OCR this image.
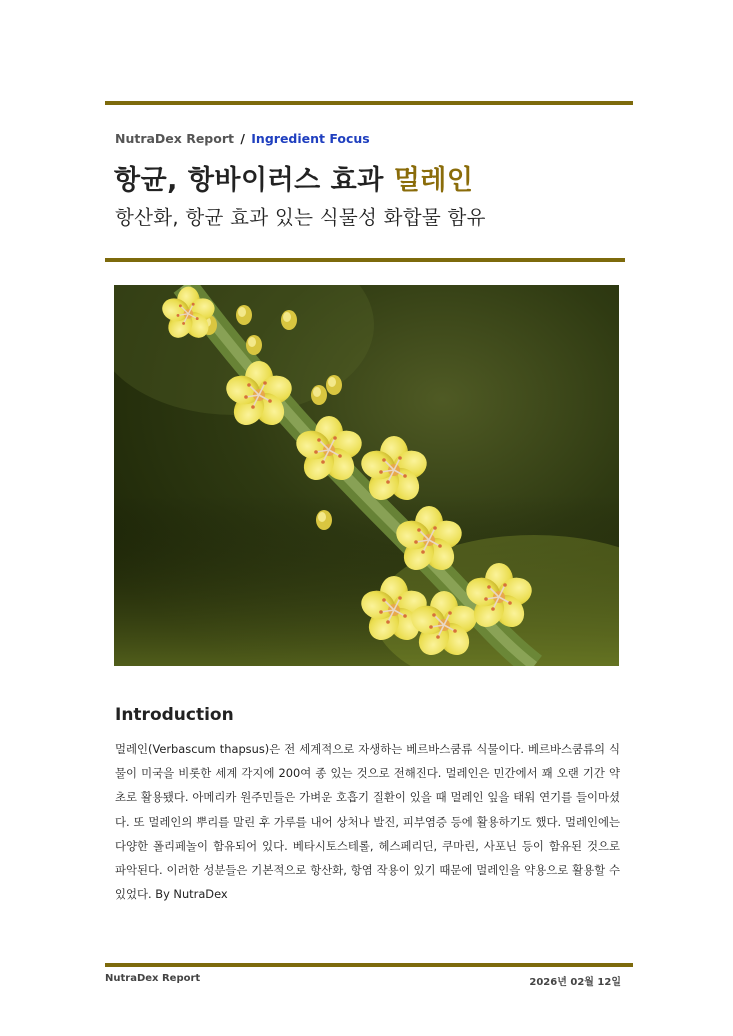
NutraDex Report / Ingredient Focus
항균, 항바이러스 효과 멀레인
항산화, 항균 효과 있는 식물성 화합물 함유
Introduction

멀레인(Verbascum thapsus)은 전 세계적으로 자생하는 베르바스쿰류 식물이다. 베르바스쿰류의 식물이 미국을 비롯한 세계 각지에 200여 종 있는 것으로 전해진다. 멀레인은 민간에서 꽤 오랜 기간 약초로 활용됐다. 아메리카 원주민들은 가벼운 호흡기 질환이 있을 때 멀레인 잎을 태워 연기를 들이마셨다. 또 멀레인의 뿌리를 말린 후 가루를 내어 상처나 발진, 피부염증 등에 활용하기도 했다. 멀레인에는 다양한 폴리페놀이 함유되어 있다. 베타시토스테롤, 헤스페리딘, 쿠마린, 사포닌 등이 함유된 것으로 파악된다. 이러한 성분들은 기본적으로 항산화, 항염 작용이 있기 때문에 멀레인을 약용으로 활용할 수 있었다. By NutraDex

NutraDex Report	2026년 02월 12일
